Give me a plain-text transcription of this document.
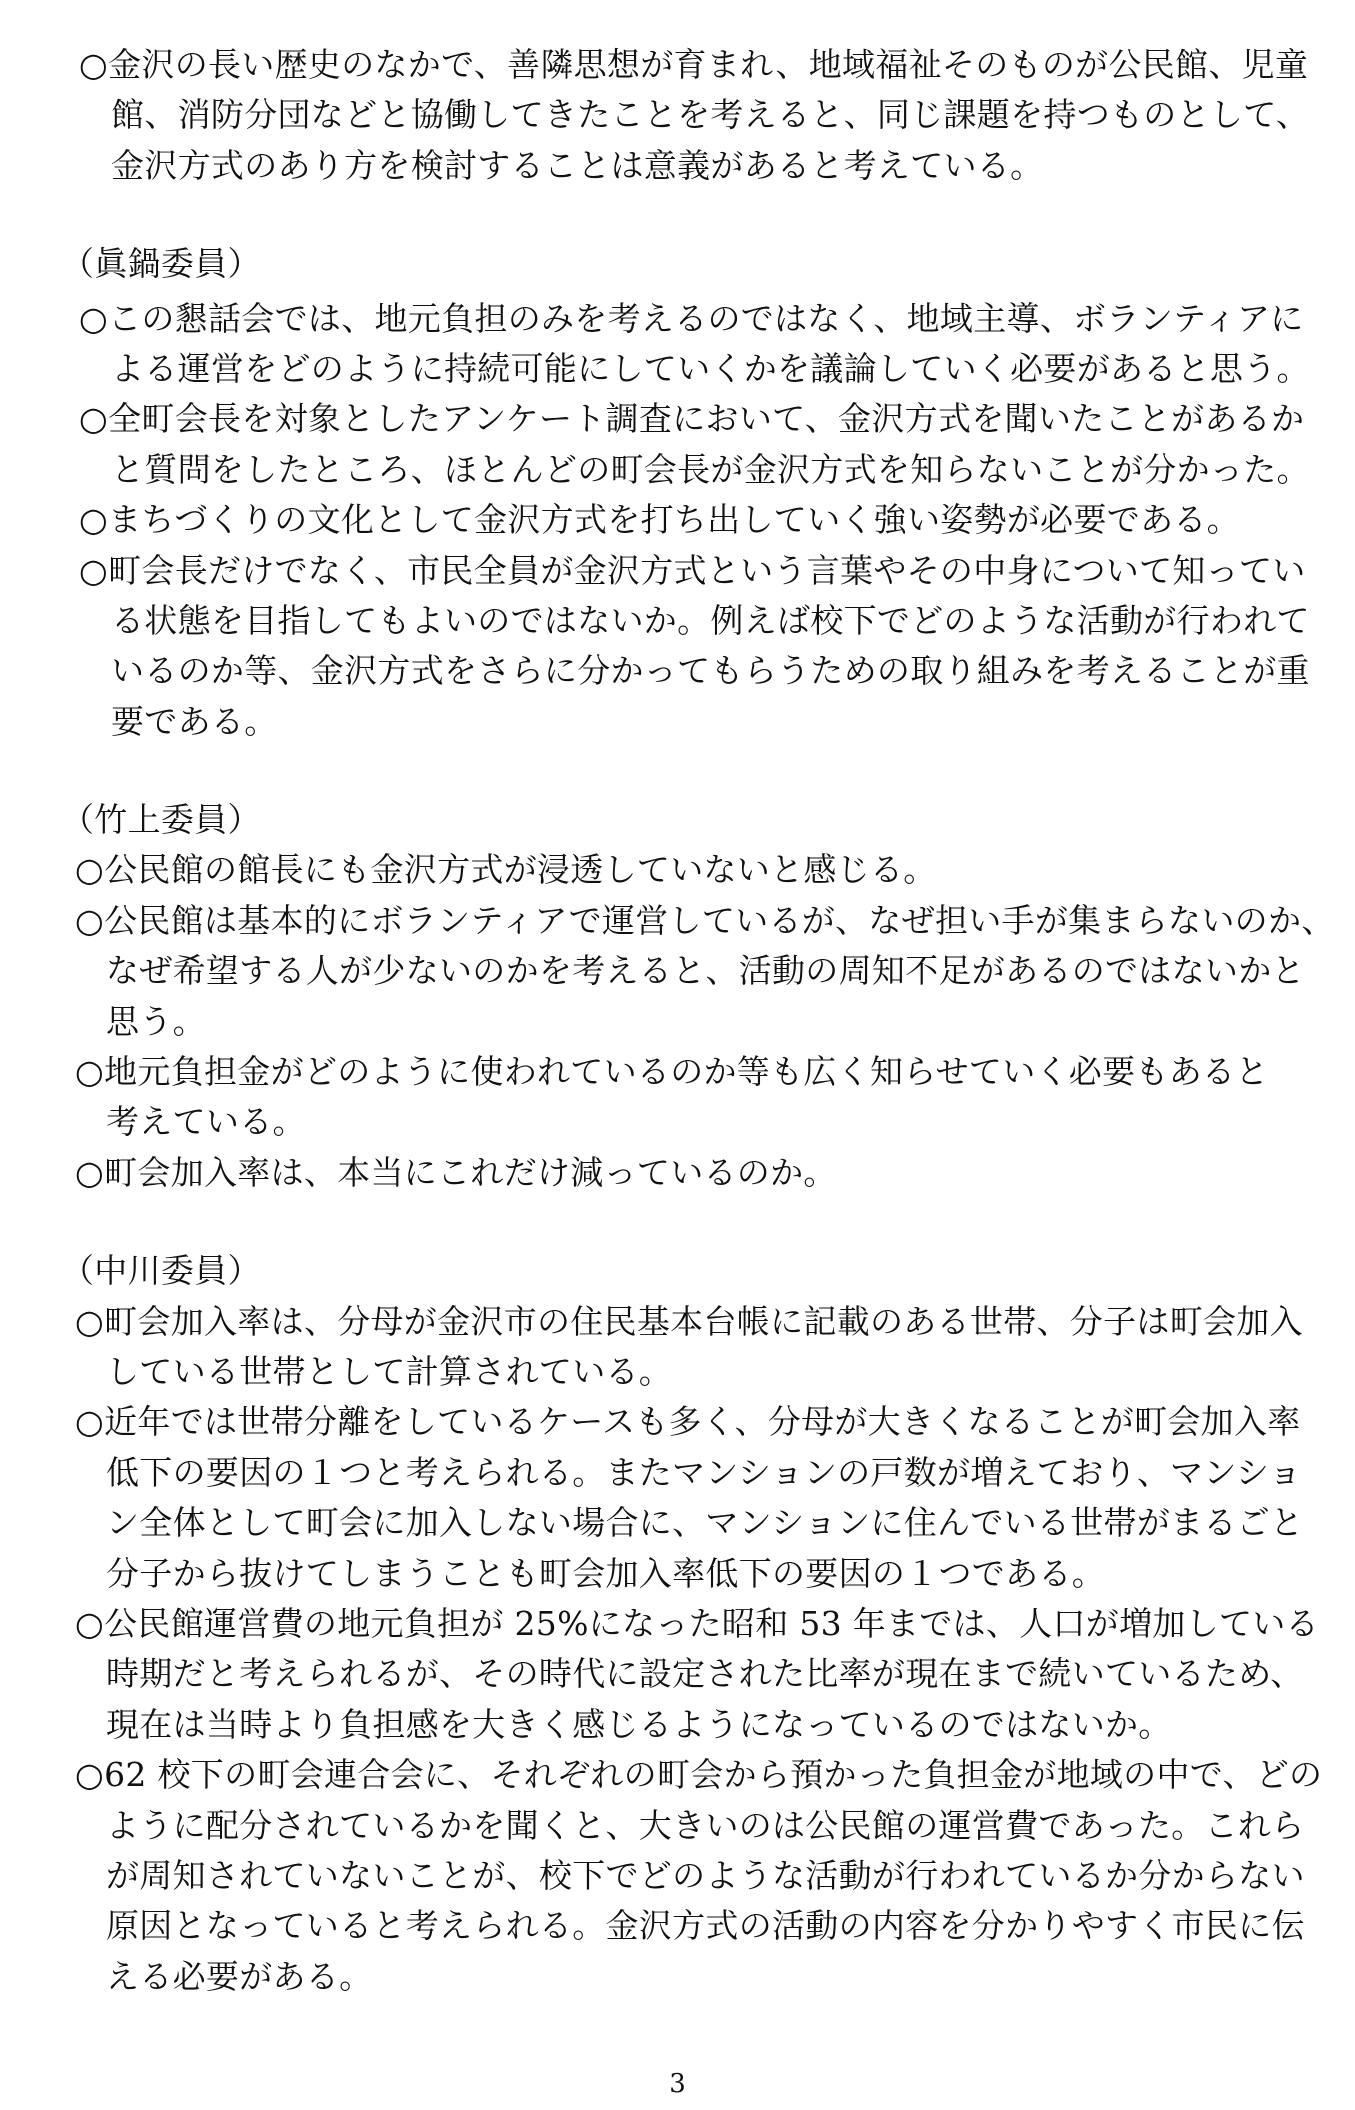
○金沢の長い歴史のなかで、善隣思想が育まれ、地域福祉そのものが公民館、児童
館、消防分団などと協働してきたことを考えると、同じ課題を持つものとして、
金沢方式のあり方を検討することは意義があると考えている。
（眞鍋委員）
○この懇話会では、地元負担のみを考えるのではなく、地域主導、ボランティアに
よる運営をどのように持続可能にしていくかを議論していく必要があると思う。
○全町会長を対象としたアンケート調査において、金沢方式を聞いたことがあるか
と質問をしたところ、ほとんどの町会長が金沢方式を知らないことが分かった。
○まちづくりの文化として金沢方式を打ち出していく強い姿勢が必要である。
○町会長だけでなく、市民全員が金沢方式という言葉やその中身について知ってい
る状態を目指してもよいのではないか。例えば校下でどのような活動が行われて
いるのか等、金沢方式をさらに分かってもらうための取り組みを考えることが重
要である。
（竹上委員）
○公民館の館長にも金沢方式が浸透していないと感じる。
○公民館は基本的にボランティアで運営しているが、なぜ担い手が集まらないのか、
なぜ希望する人が少ないのかを考えると、活動の周知不足があるのではないかと
思う。
○地元負担金がどのように使われているのか等も広く知らせていく必要もあると
考えている。
○町会加入率は、本当にこれだけ減っているのか。
（中川委員）
○町会加入率は、分母が金沢市の住民基本台帳に記載のある世帯、分子は町会加入
している世帯として計算されている。
○近年では世帯分離をしているケースも多く、分母が大きくなることが町会加入率
低下の要因の１つと考えられる。またマンションの戸数が増えており、マンショ
ン全体として町会に加入しない場合に、マンションに住んでいる世帯がまるごと
分子から抜けてしまうことも町会加入率低下の要因の１つである。
○公民館運営費の地元負担が 25%になった昭和 53 年までは、人口が増加している
時期だと考えられるが、その時代に設定された比率が現在まで続いているため、
現在は当時より負担感を大きく感じるようになっているのではないか。
○62 校下の町会連合会に、それぞれの町会から預かった負担金が地域の中で、どの
ように配分されているかを聞くと、大きいのは公民館の運営費であった。これら
が周知されていないことが、校下でどのような活動が行われているか分からない
原因となっていると考えられる。金沢方式の活動の内容を分かりやすく市民に伝
える必要がある。
3
